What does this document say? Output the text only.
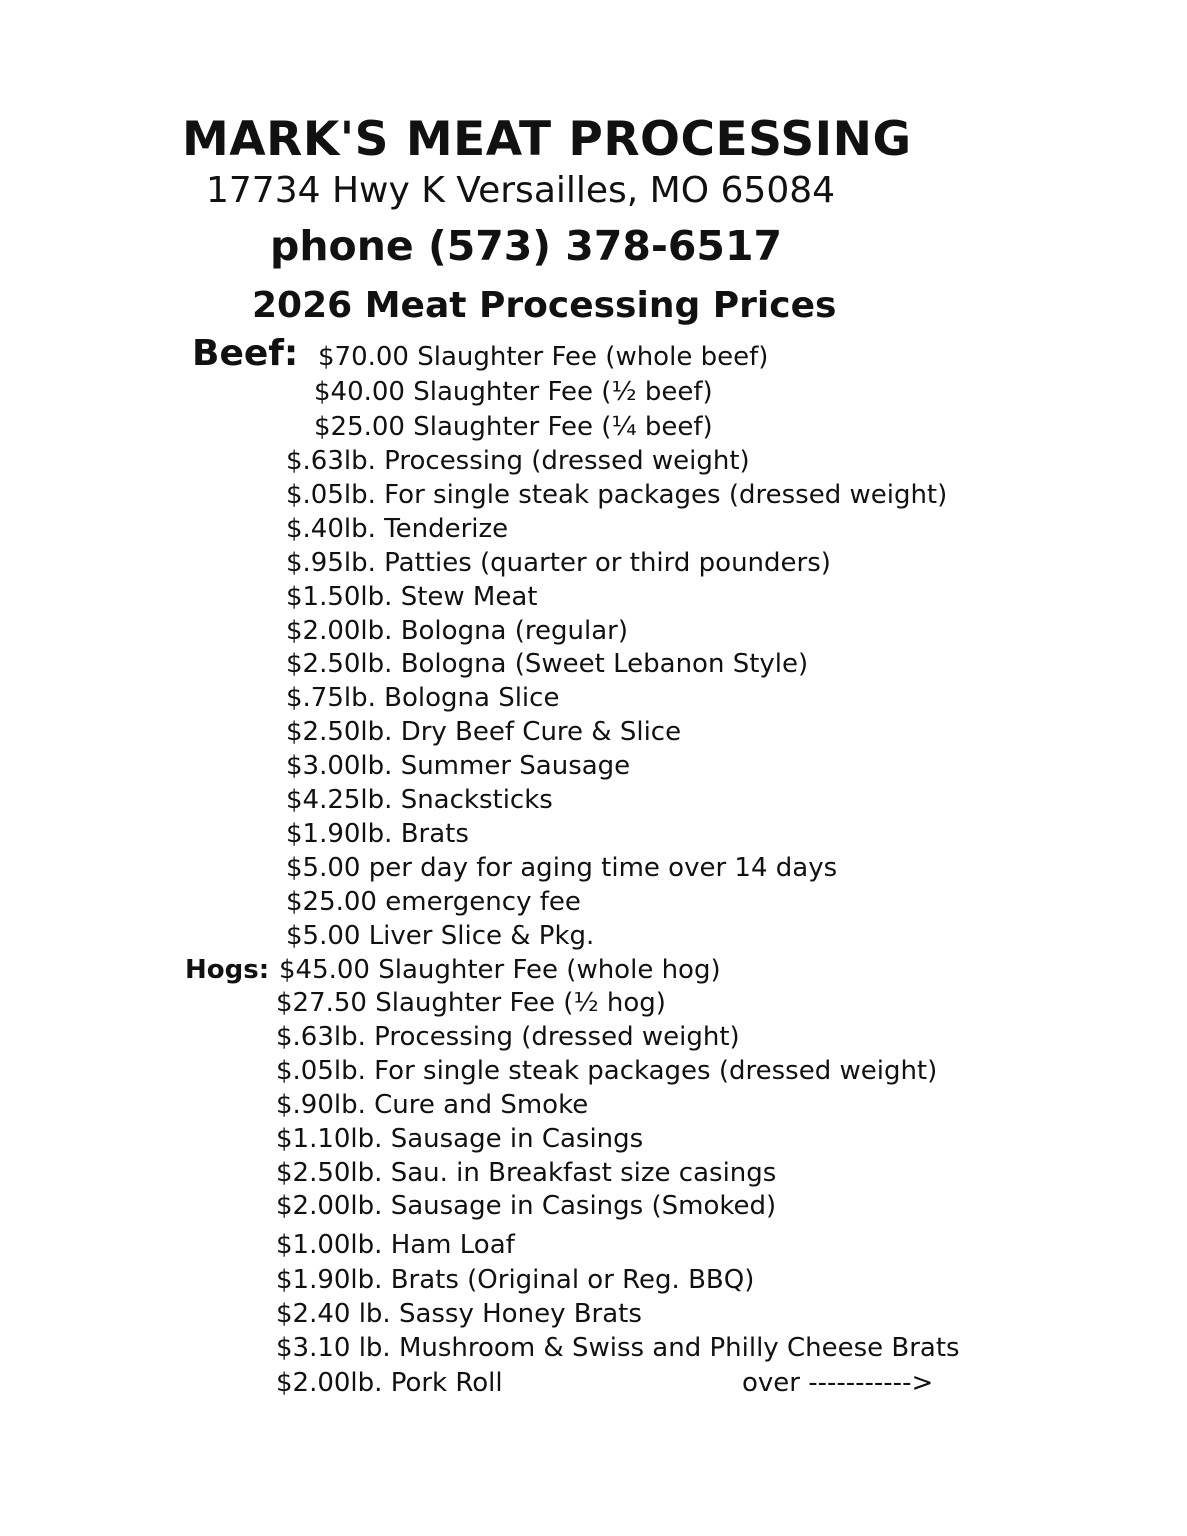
MARK'S MEAT PROCESSING
17734 Hwy K Versailles, MO 65084
phone (573) 378-6517
2026 Meat Processing Prices
Beef: $70.00 Slaughter Fee (whole beef)
$40.00 Slaughter Fee (½ beef)
$25.00 Slaughter Fee (¼ beef)
$.63lb. Processing (dressed weight)
$.05lb. For single steak packages (dressed weight)
$.40lb. Tenderize
$.95lb. Patties (quarter or third pounders)
$1.50lb. Stew Meat
$2.00lb. Bologna (regular)
$2.50lb. Bologna (Sweet Lebanon Style)
$.75lb. Bologna Slice
$2.50lb. Dry Beef Cure & Slice
$3.00lb. Summer Sausage
$4.25lb. Snacksticks
$1.90lb. Brats
$5.00 per day for aging time over 14 days
$25.00 emergency fee
$5.00 Liver Slice & Pkg.
Hogs: $45.00 Slaughter Fee (whole hog)
$27.50 Slaughter Fee (½ hog)
$.63lb. Processing (dressed weight)
$.05lb. For single steak packages (dressed weight)
$.90lb. Cure and Smoke
$1.10lb. Sausage in Casings
$2.50lb. Sau. in Breakfast size casings
$2.00lb. Sausage in Casings (Smoked)
$1.00lb. Ham Loaf
$1.90lb. Brats (Original or Reg. BBQ)
$2.40 lb. Sassy Honey Brats
$3.10 lb. Mushroom & Swiss and Philly Cheese Brats
$2.00lb. Pork Roll	over ----------->
